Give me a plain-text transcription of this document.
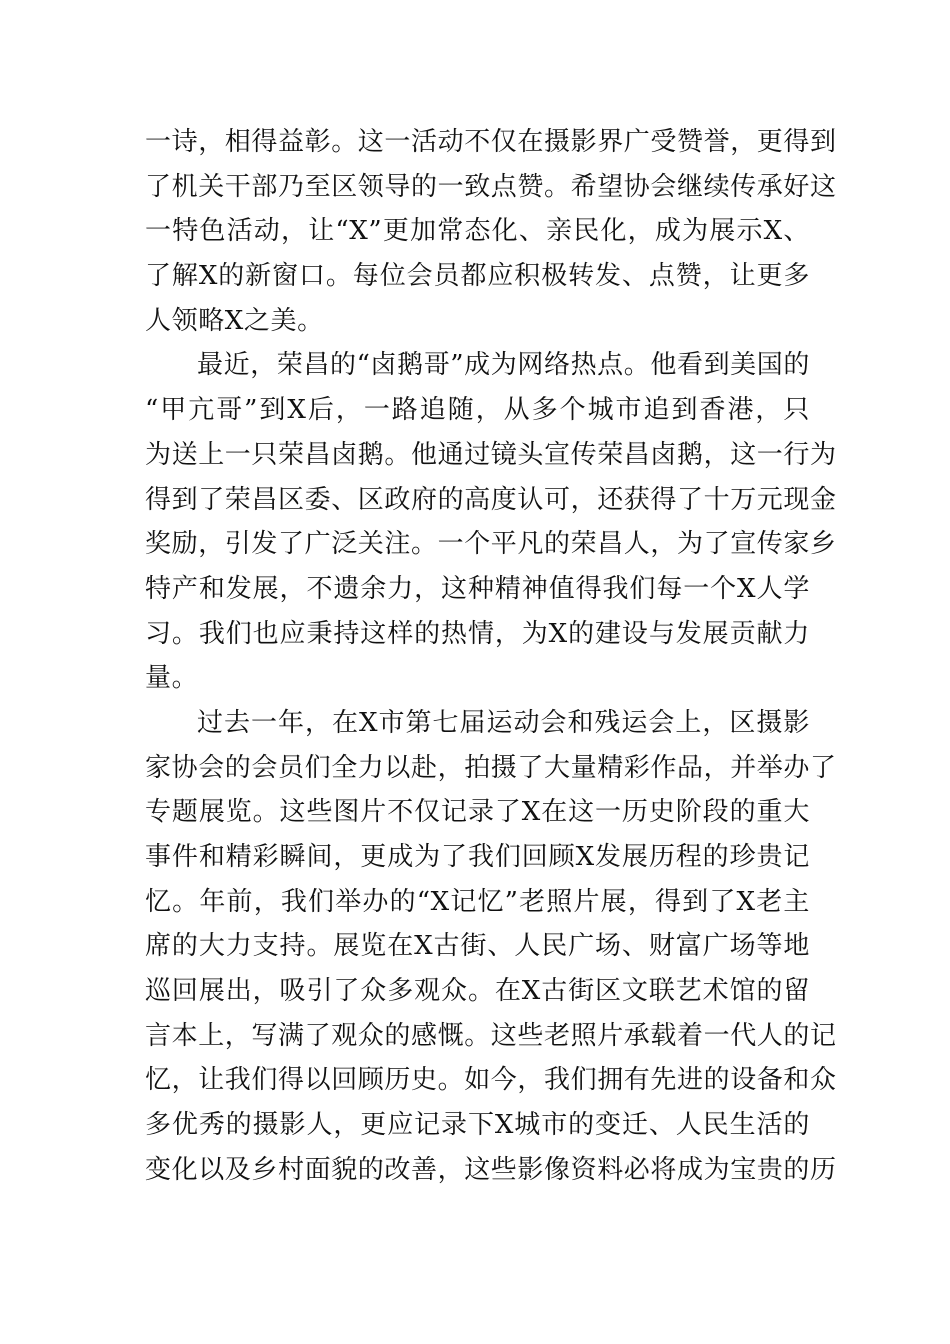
一诗，相得益彰。这一活动不仅在摄影界广受赞誉，更得到
了机关干部乃至区领导的一致点赞。希望协会继续传承好这
一特色活动，让“X”更加常态化、亲民化，成为展示X、
了解X的新窗口。每位会员都应积极转发、点赞，让更多
人领略X之美。

最近，荣昌的“卤鹅哥”成为网络热点。他看到美国的
“甲亢哥”到X后，一路追随，从多个城市追到香港，只
为送上一只荣昌卤鹅。他通过镜头宣传荣昌卤鹅，这一行为
得到了荣昌区委、区政府的高度认可，还获得了十万元现金
奖励，引发了广泛关注。一个平凡的荣昌人，为了宣传家乡
特产和发展，不遗余力，这种精神值得我们每一个X人学
习。我们也应秉持这样的热情，为X的建设与发展贡献力
量。

过去一年，在X市第七届运动会和残运会上，区摄影
家协会的会员们全力以赴，拍摄了大量精彩作品，并举办了
专题展览。这些图片不仅记录了X在这一历史阶段的重大
事件和精彩瞬间，更成为了我们回顾X发展历程的珍贵记
忆。年前，我们举办的“X记忆”老照片展，得到了X老主
席的大力支持。展览在X古街、人民广场、财富广场等地
巡回展出，吸引了众多观众。在X古街区文联艺术馆的留
言本上，写满了观众的感慨。这些老照片承载着一代人的记
忆，让我们得以回顾历史。如今，我们拥有先进的设备和众
多优秀的摄影人，更应记录下X城市的变迁、人民生活的
变化以及乡村面貌的改善，这些影像资料必将成为宝贵的历
